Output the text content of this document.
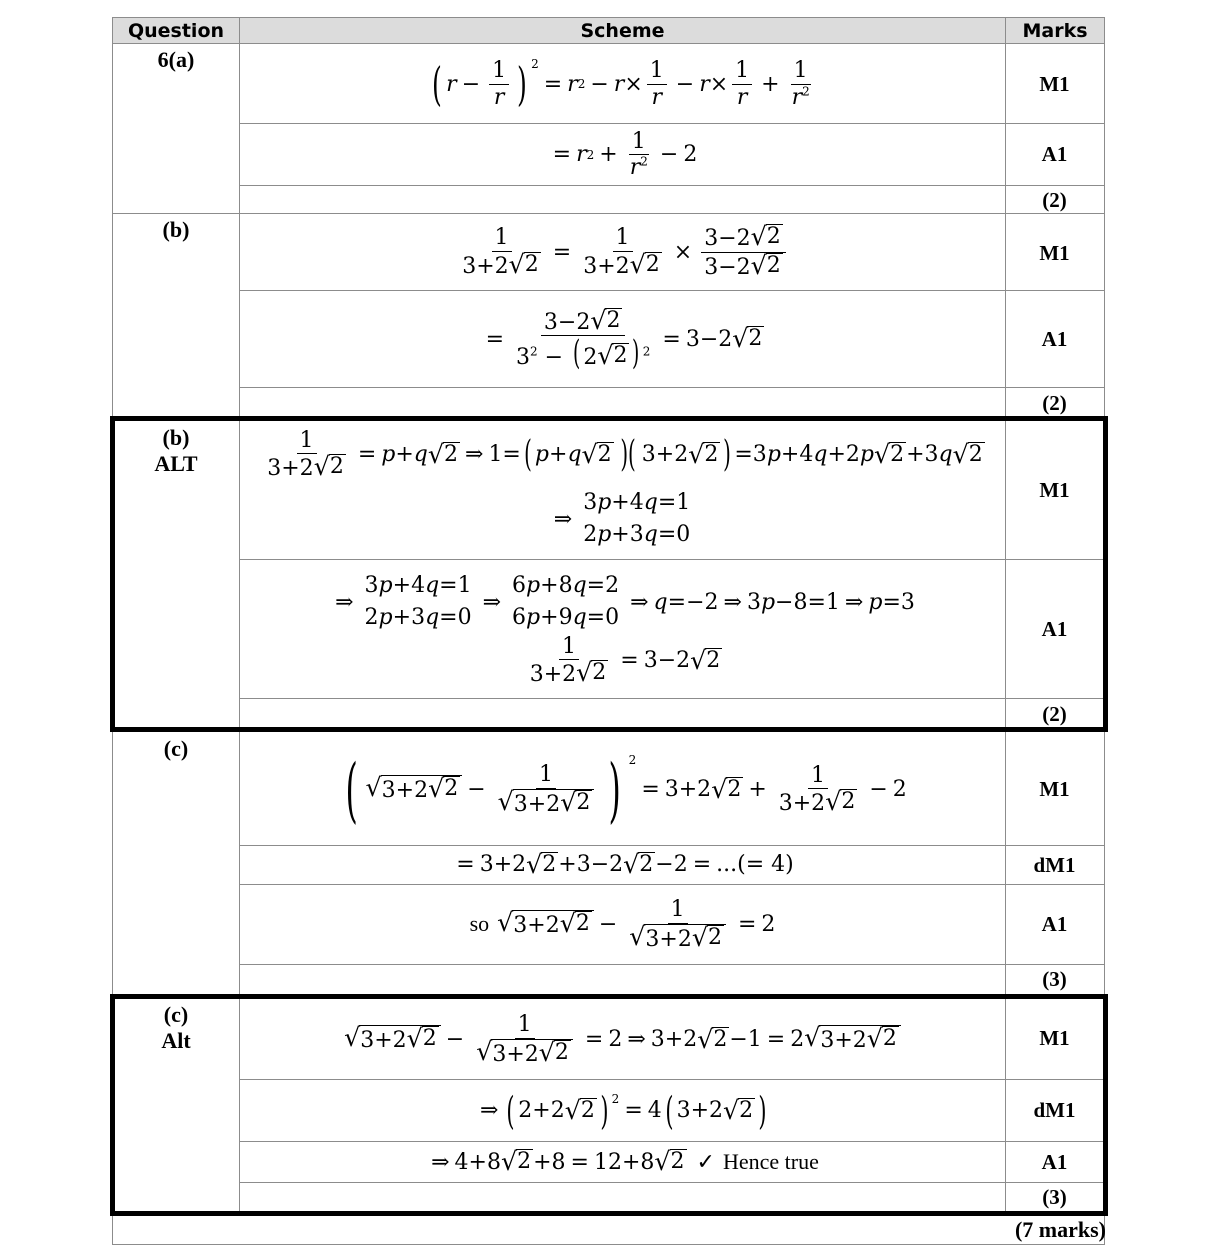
Question	Scheme	Marks
6(a)
(b)
(b)
ALT
(c)
(c)
Alt
M1
A1
(2)
M1
A1
(2)
M1
A1
(2)
M1
dM1
A1
(3)
M1
dM1
A1
(3)
(7 marks)
( $r - \frac{1}{r}$ ) $^2$
= r 2 − r ×
1
r
− r ×
1
r
+ $\frac{1}{r^2}$
= r $2 + \frac{1}{r^2} - 2$
$\frac{1}{3+2 √ 2} = \frac{1}{3+2 √ 2} \times \frac{3-2 √ 2}{3-2 √ 2}$
= $\frac{3-2 √ 2}{3^2 - ( 2 √ 2 ) ^2} = 3-2$ √ 2
$\frac{1}{3+2 √ 2} = p + q$ √ 2 ⇒ 1= ( p + q √ 2 )( 3+2 √ 2 ) =3 p +4 q +2 p √ 2 +3 q √ 2
⇒
3p+4q=1
2p+3q=0
⇒
3p+4q=1
2p+3q=0
⇒
6p+8q=2
6p+9q=0
⇒ q =−2 ⇒ 3 p −8=1 ⇒ p =3
$\frac{1}{3+2 √ 2} = 3-2$ √ 2
( √ 3+2 √ $2 - \frac{1}{√ 3+2 √ 2}$ ) $^2$
= 3+2 √ $2 + \frac{1}{3+2 √ 2} - 2$
= 3+2 √ 2 +3−2 √ 2 −2 = ...(= 4)
so √ 3+2 √ $2 - \frac{1}{√ 3+2 √ 2} = 2$
√ 3+2 √ $2 - \frac{1}{√ 3+2 √ 2} = 2$ ⇒ 3+2 √ 2 −1 = 2 √ 3+2 √ 2
⇒ ( 2+2 √ 2 ) $^2$ = 4 ( 3+2 √ 2 )
⇒ 4+8 √ 2 +8 = 12+8 √ 2 ✓ Hence true
